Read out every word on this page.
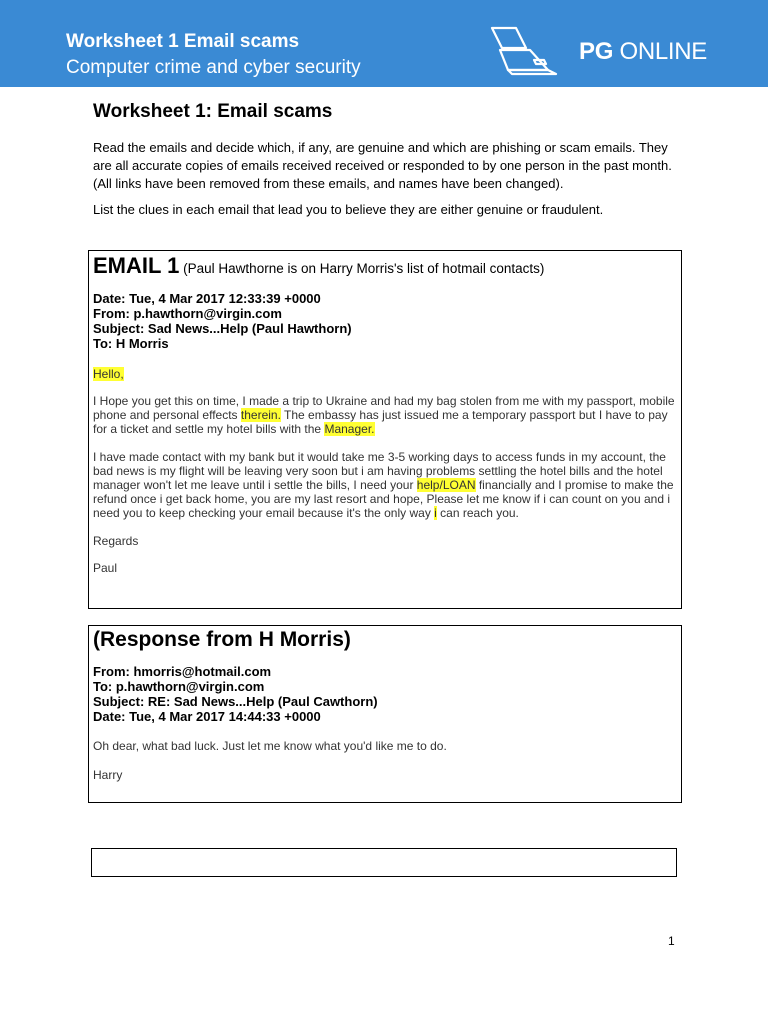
Worksheet 1 Email scams
Computer crime and cyber security
PG ONLINE
Worksheet 1: Email scams

Read the emails and decide which, if any, are genuine and which are phishing or scam emails. They are all accurate copies of emails received received or responded to by one person in the past month. (All links have been removed from these emails, and names have been changed).

List the clues in each email that lead you to believe they are either genuine or fraudulent.

EMAIL 1 (Paul Hawthorne is on Harry Morris's list of hotmail contacts)
Date: Tue, 4 Mar 2017 12:33:39 +0000
From: p.hawthorn@virgin.com
Subject: Sad News...Help (Paul Hawthorn)
To: H Morris

Hello,

I Hope you get this on time, I made a trip to Ukraine and had my bag stolen from me with my passport, mobile phone and personal effects therein. The embassy has just issued me a temporary passport but I have to pay for a ticket and settle my hotel bills with the Manager.

I have made contact with my bank but it would take me 3-5 working days to access funds in my account, the bad news is my flight will be leaving very soon but i am having problems settling the hotel bills and the hotel manager won't let me leave until i settle the bills, I need your help/LOAN financially and I promise to make the refund once i get back home, you are my last resort and hope, Please let me know if i can count on you and i need you to keep checking your email because it's the only way i can reach you.

Regards

Paul

(Response from H Morris)
From: hmorris@hotmail.com
To: p.hawthorn@virgin.com
Subject: RE: Sad News...Help (Paul Cawthorn)
Date: Tue, 4 Mar 2017 14:44:33 +0000

Oh dear, what bad luck. Just let me know what you'd like me to do.

Harry

1
